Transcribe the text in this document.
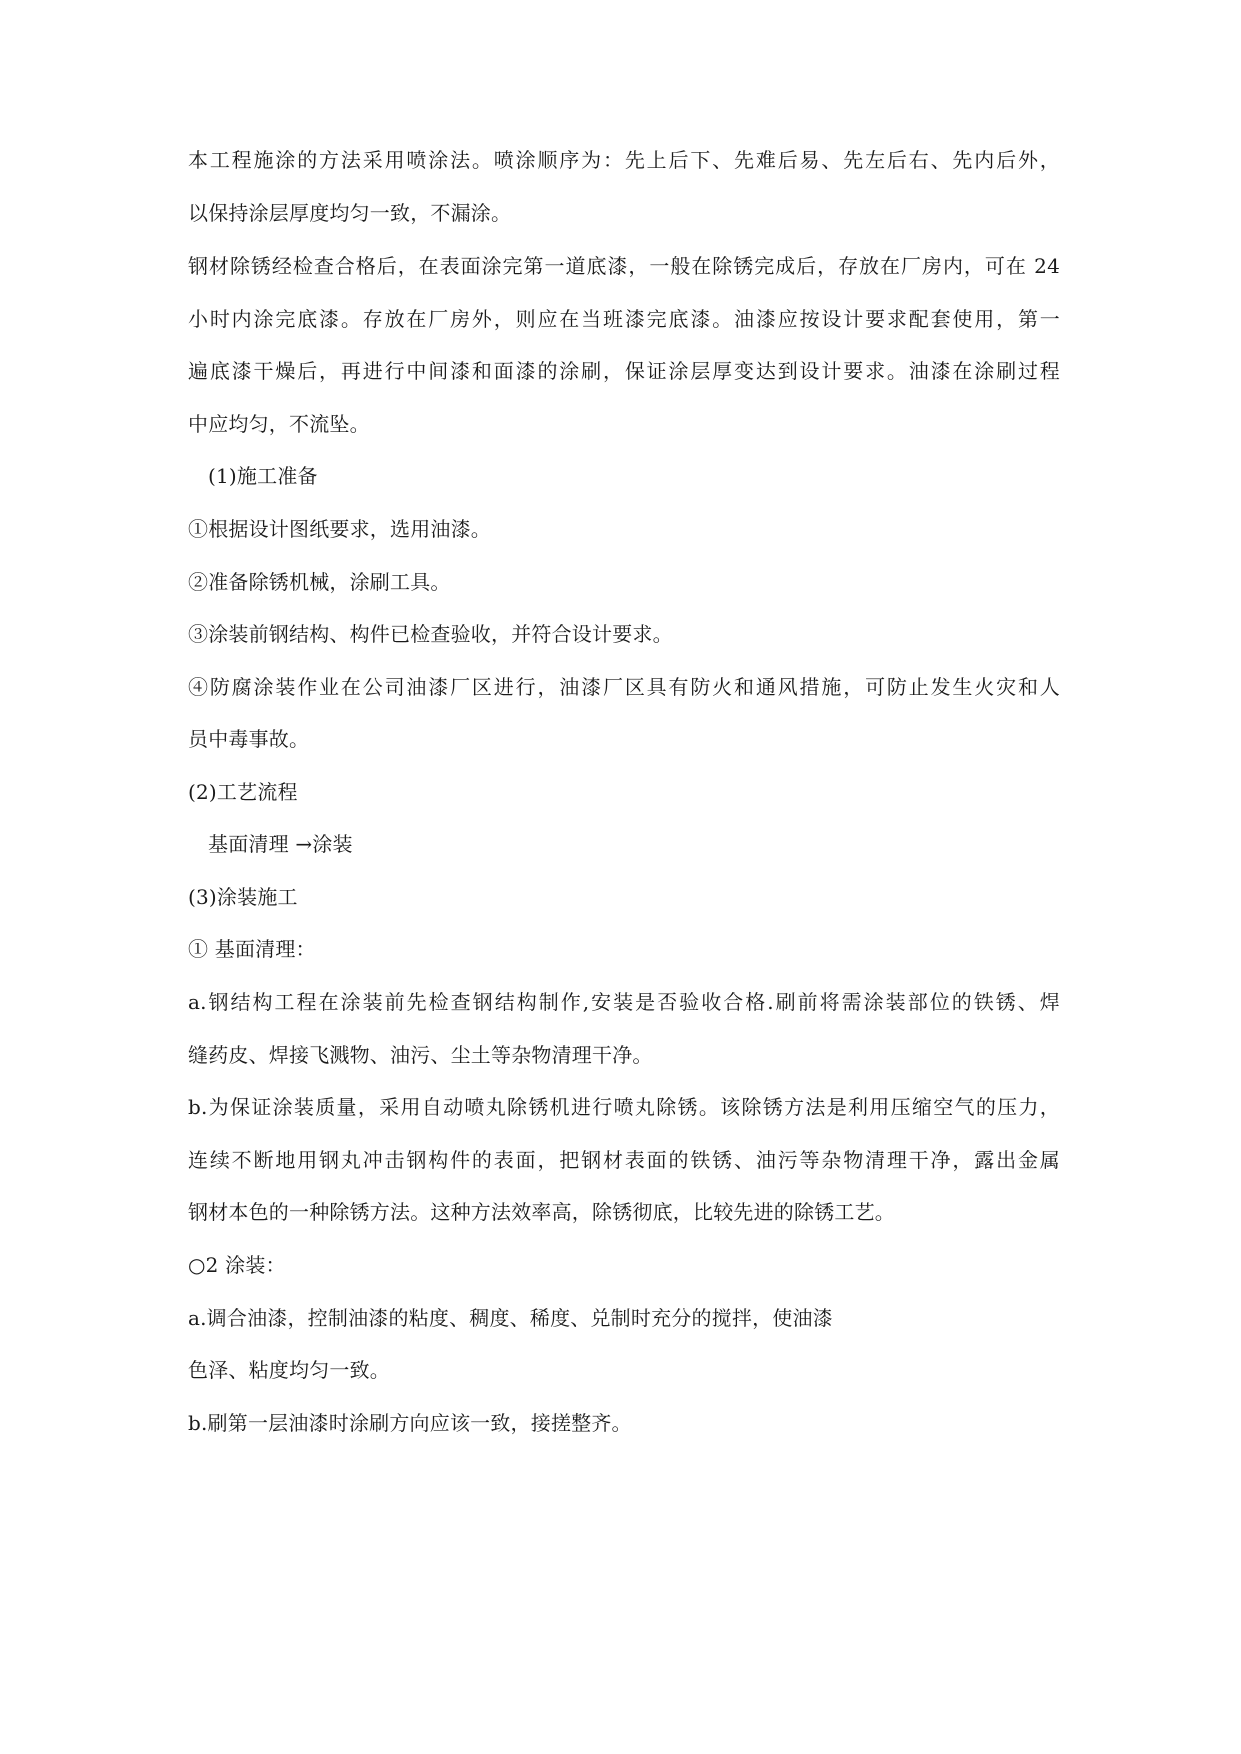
本工程施涂的方法采用喷涂法。喷涂顺序为：先上后下、先难后易、先左后右、先内后外，
以保持涂层厚度均匀一致，不漏涂。
钢材除锈经检查合格后，在表面涂完第一道底漆，一般在除锈完成后，存放在厂房内，可在 24
小时内涂完底漆。存放在厂房外，则应在当班漆完底漆。油漆应按设计要求配套使用，第一
遍底漆干燥后，再进行中间漆和面漆的涂刷，保证涂层厚变达到设计要求。油漆在涂刷过程
中应均匀，不流坠。
(1)施工准备
①根据设计图纸要求，选用油漆。
②准备除锈机械，涂刷工具。
③涂装前钢结构、构件已检查验收，并符合设计要求。
④防腐涂装作业在公司油漆厂区进行，油漆厂区具有防火和通风措施，可防止发生火灾和人
员中毒事故。
(2)工艺流程
基面清理 →涂装
(3)涂装施工
① 基面清理：
a.钢结构工程在涂装前先检查钢结构制作,安装是否验收合格.刷前将需涂装部位的铁锈、焊
缝药皮、焊接飞溅物、油污、尘土等杂物清理干净。
b.为保证涂装质量，采用自动喷丸除锈机进行喷丸除锈。该除锈方法是利用压缩空气的压力，
连续不断地用钢丸冲击钢构件的表面，把钢材表面的铁锈、油污等杂物清理干净，露出金属
钢材本色的一种除锈方法。这种方法效率高，除锈彻底，比较先进的除锈工艺。
○2 涂装：
a.调合油漆，控制油漆的粘度、稠度、稀度、兑制时充分的搅拌，使油漆
色泽、粘度均匀一致。
b.刷第一层油漆时涂刷方向应该一致，接搓整齐。
